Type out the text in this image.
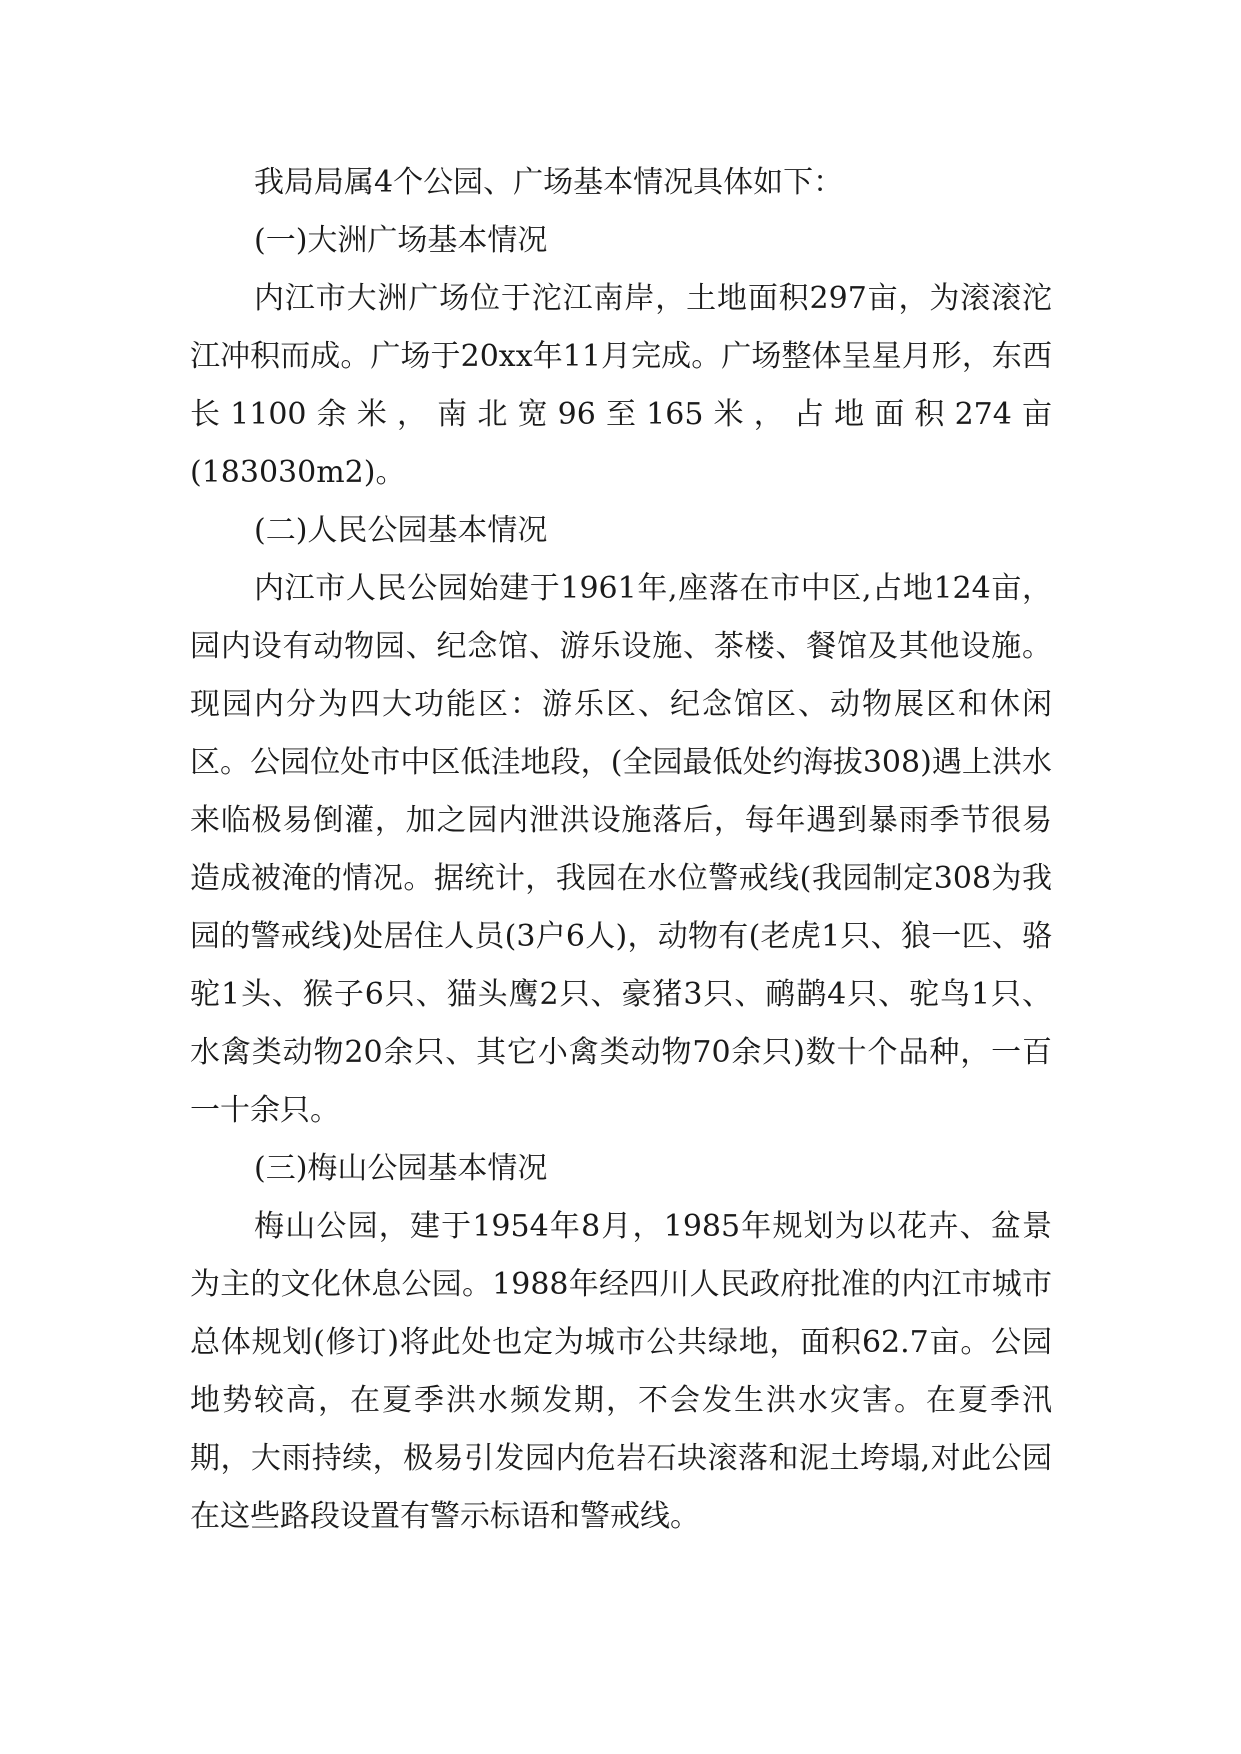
我局局属4个公园、广场基本情况具体如下：

(一)大洲广场基本情况

内江市大洲广场位于沱江南岸，土地面积297亩，为滚滚沱江冲积而成。广场于20xx年11月完成。广场整体呈星月形，东西长1100余米，南北宽96至165米，占地面积274亩(183030m2)。

(二)人民公园基本情况

内江市人民公园始建于1961年,座落在市中区,占地124亩，园内设有动物园、纪念馆、游乐设施、茶楼、餐馆及其他设施。现园内分为四大功能区：游乐区、纪念馆区、动物展区和休闲区。公园位处市中区低洼地段，(全园最低处约海拔308)遇上洪水来临极易倒灌，加之园内泄洪设施落后，每年遇到暴雨季节很易造成被淹的情况。据统计，我园在水位警戒线(我园制定308为我园的警戒线)处居住人员(3户6人)，动物有(老虎1只、狼一匹、骆驼1头、猴子6只、猫头鹰2只、豪猪3只、鸸鹋4只、驼鸟1只、水禽类动物20余只、其它小禽类动物70余只)数十个品种，一百一十余只。

(三)梅山公园基本情况

梅山公园，建于1954年8月，1985年规划为以花卉、盆景为主的文化休息公园。1988年经四川人民政府批准的内江市城市总体规划(修订)将此处也定为城市公共绿地，面积62.7亩。公园地势较高，在夏季洪水频发期，不会发生洪水灾害。在夏季汛期，大雨持续，极易引发园内危岩石块滚落和泥土垮塌,对此公园在这些路段设置有警示标语和警戒线。
